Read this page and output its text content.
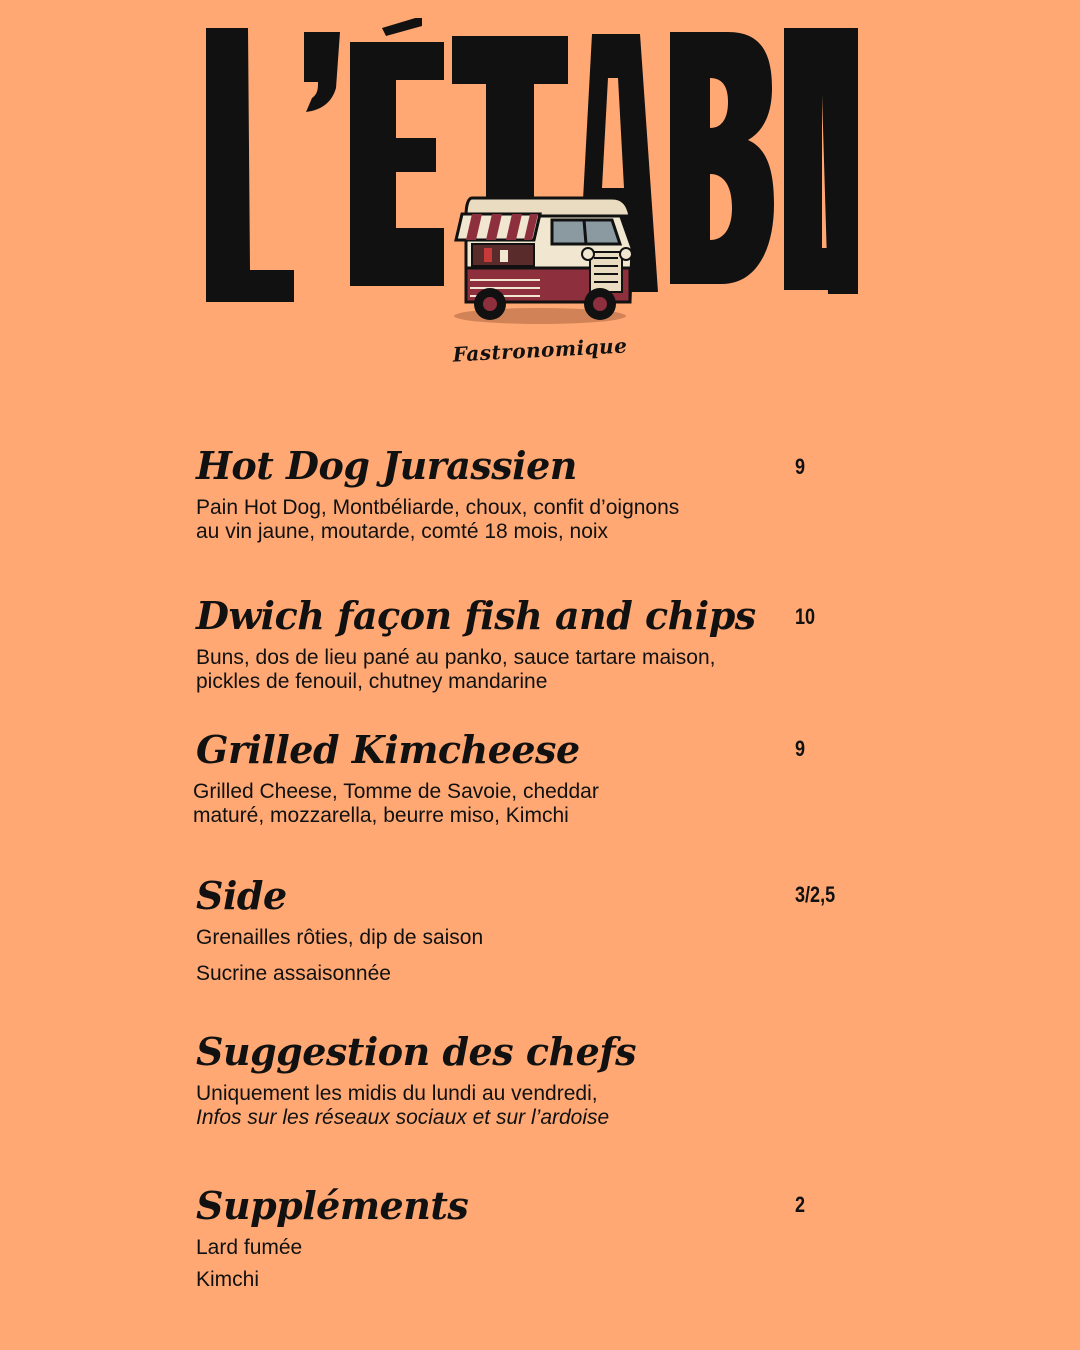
Fastronomique
Hot Dog Jurassien
Pain Hot Dog, Montbéliarde, choux, confit d’oignons au vin jaune, moutarde, comté 18 mois, noix
9
Dwich façon fish and chips
Buns, dos de lieu pané au panko, sauce tartare maison, pickles de fenouil, chutney mandarine
10
Grilled Kimcheese
Grilled Cheese, Tomme de Savoie, cheddar maturé, mozzarella, beurre miso, Kimchi
9
Side
Grenailles rôties, dip de saison
Sucrine assaisonnée
3/2,5
Suggestion des chefs
Uniquement les midis du lundi au vendredi,
Infos sur les réseaux sociaux et sur l’ardoise
Suppléments
Lard fumée
Kimchi
2
